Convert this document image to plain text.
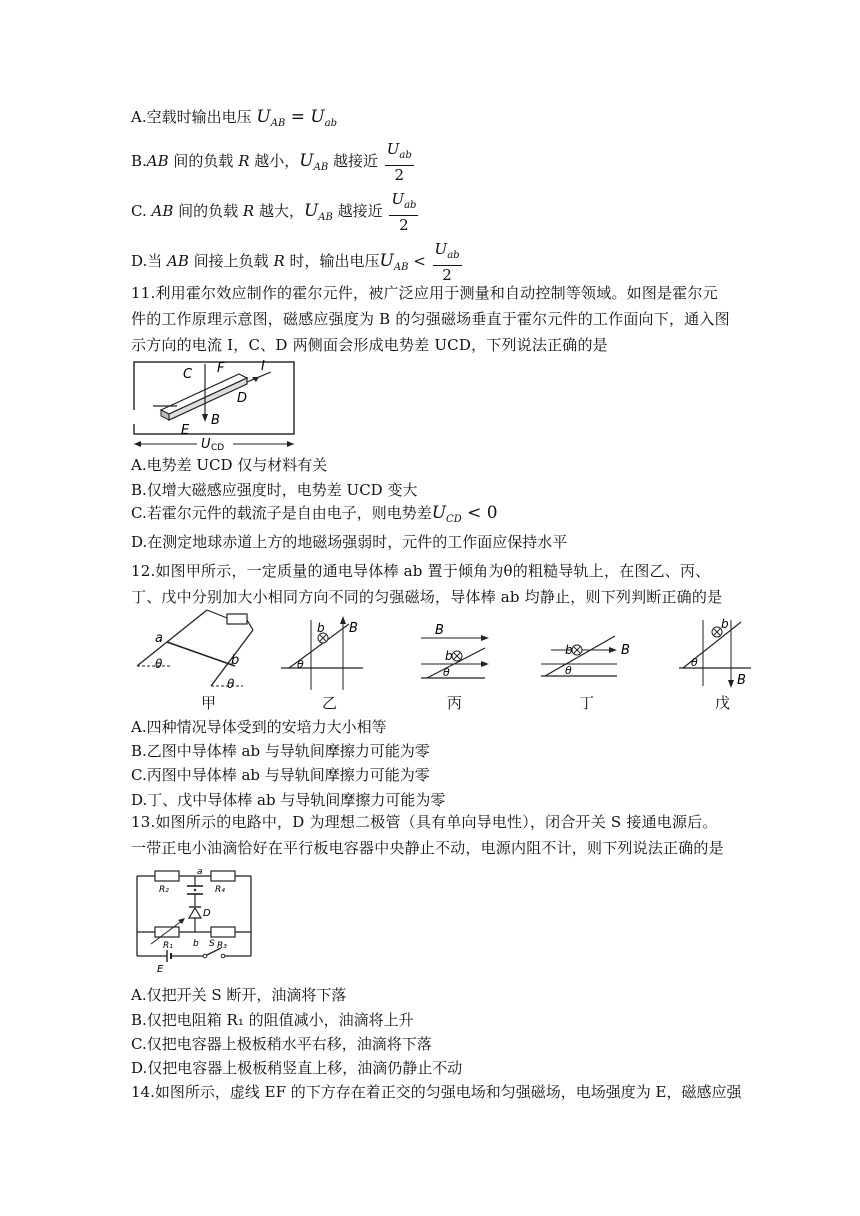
A.空载时输出电压 $U_{AB} = U_{ab}$
B.AB 间的负载 R 越小，$U_{AB}$ 越接近 $\frac{U_{ab}}{2}$
C. AB 间的负载 R 越大，$U_{AB}$ 越接近 $\frac{U_{ab}}{2}$
D.当 AB 间接上负载 R 时，输出电压$U_{AB} < \frac{U_{ab}}{2}$
11.利用霍尔效应制作的霍尔元件，被广泛应用于测量和自动控制等领域。如图是霍尔元件的工作原理示意图，磁感应强度为 B 的匀强磁场垂直于霍尔元件的工作面向下，通入图示方向的电流 I，C、D 两侧面会形成电势差 UCD，下列说法正确的是
C F	I
D
E
B
U CD
A.电势差 UCD 仅与材料有关
B.仅增大磁感应强度时，电势差 UCD 变大
C.若霍尔元件的载流子是自由电子，则电势差$U_{CD} < 0$
D.在测定地球赤道上方的地磁场强弱时，元件的工作面应保持水平
12.如图甲所示，一定质量的通电导体棒 ab 置于倾角为θ的粗糙导轨上，在图乙、丙、丁、戊中分别加大小相同方向不同的匀强磁场，导体棒 ab 均静止，则下列判断正确的是
a
b
θ
θ
b B
θ
B
b
θ
b	B
θ
b
B
θ
甲	乙	丙	丁	戊
A.四种情况导体受到的安培力大小相等
B.乙图中导体棒 ab 与导轨间摩擦力可能为零
C.丙图中导体棒 ab 与导轨间摩擦力可能为零
D.丁、戊中导体棒 ab 与导轨间摩擦力可能为零
13.如图所示的电路中，D 为理想二极管（具有单向导电性），闭合开关 S 接通电源后。一带正电小油滴恰好在平行板电容器中央静止不动，电源内阻不计，则下列说法正确的是
R₂	R₄
a
D
R₁ b R₃
S
E
A.仅把开关 S 断开，油滴将下落
B.仅把电阻箱 R₁ 的阻值减小，油滴将上升
C.仅把电容器上极板稍水平右移，油滴将下落
D.仅把电容器上极板稍竖直上移，油滴仍静止不动
14.如图所示，虚线 EF 的下方存在着正交的匀强电场和匀强磁场，电场强度为 E，磁感应强
